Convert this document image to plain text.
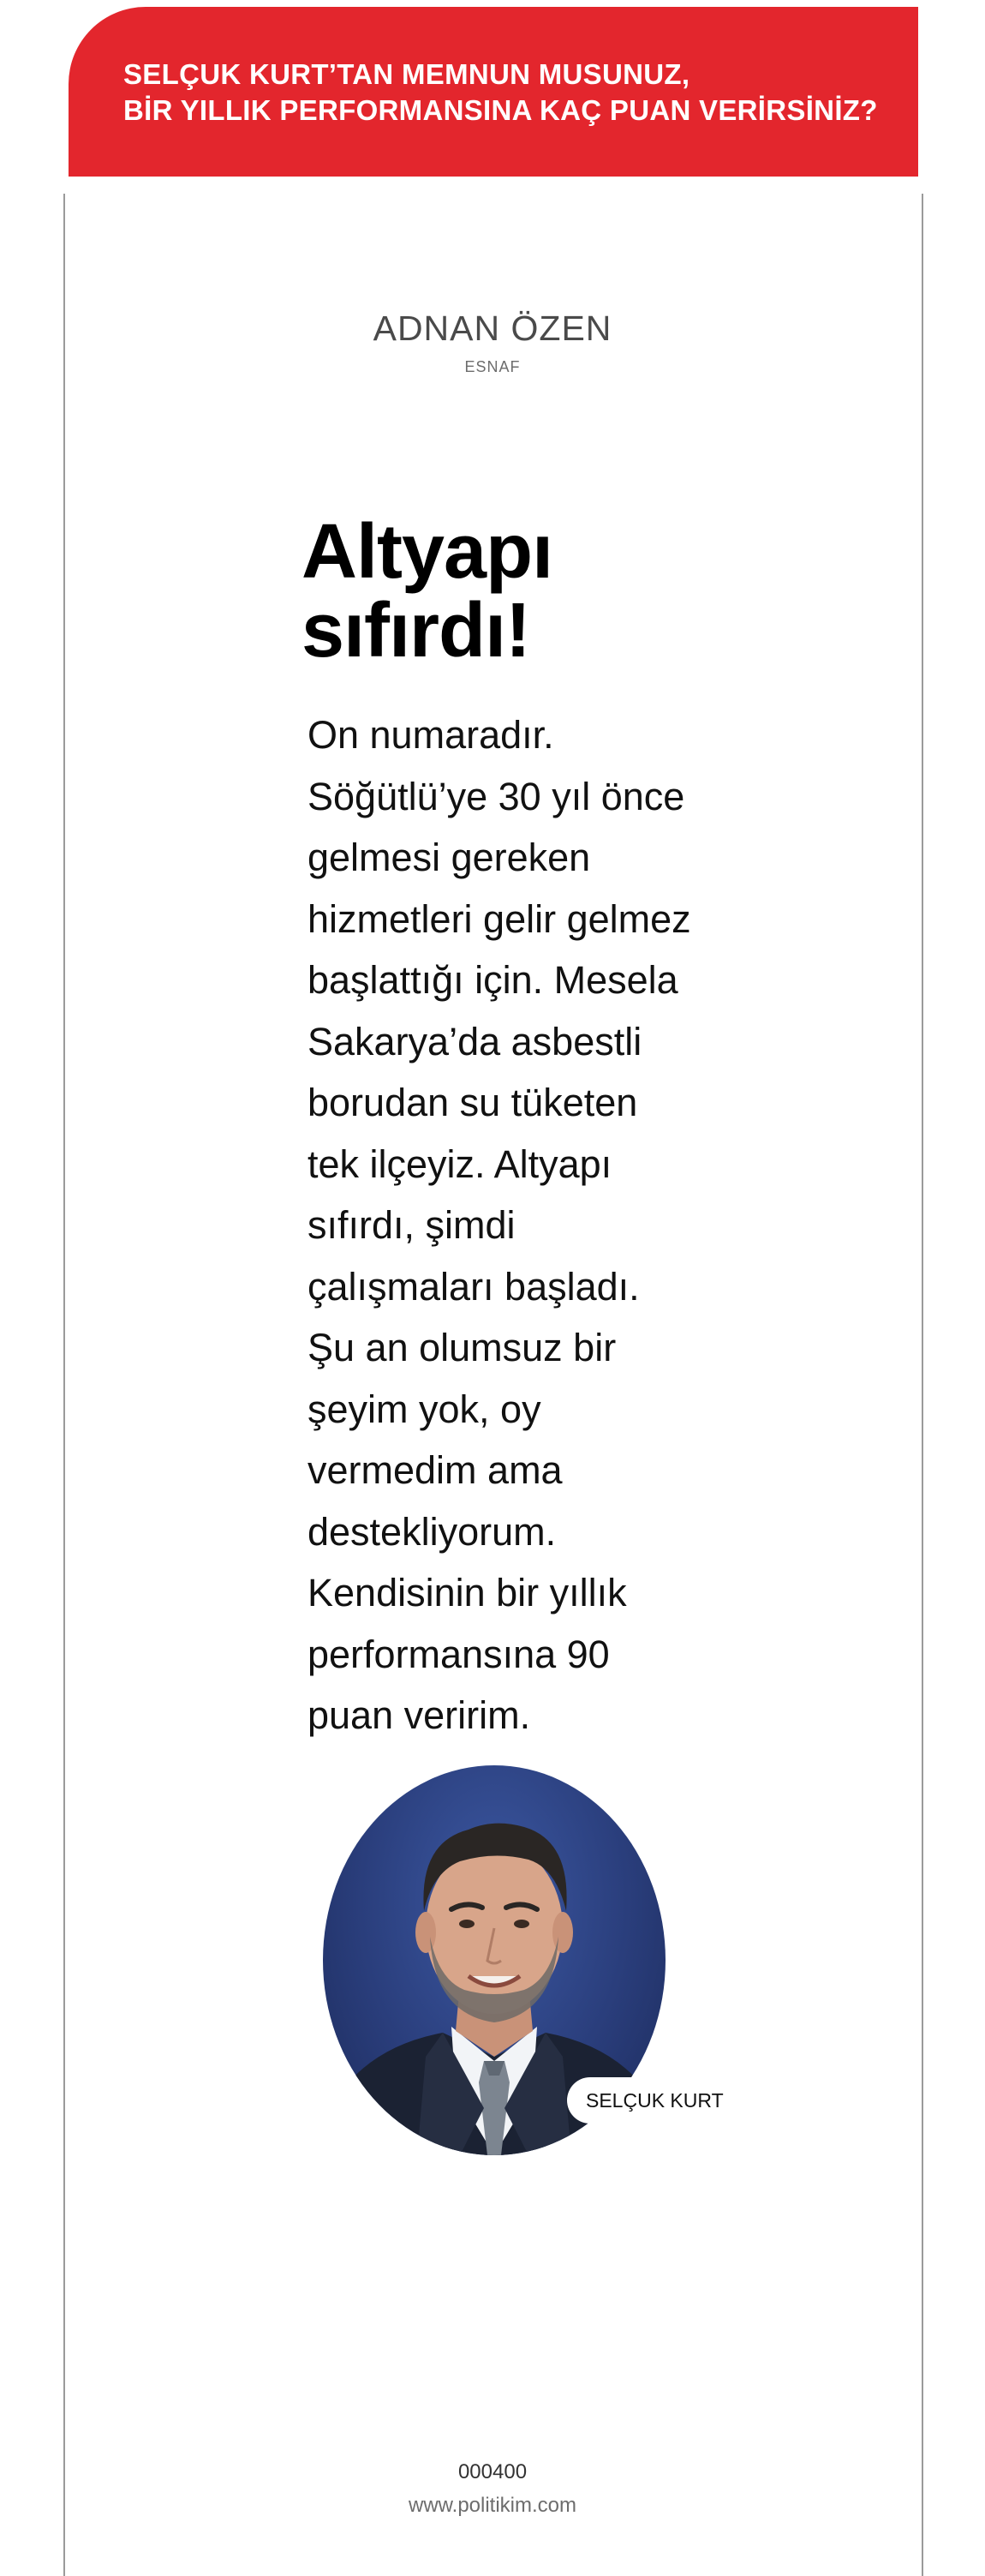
SELÇUK KURT’TAN MEMNUN MUSUNUZ,
BİR YILLIK PERFORMANSINA KAÇ PUAN VERİRSİNİZ?
ADNAN ÖZEN
ESNAF
Altyapı
sıfırdı!
On numaradır.
Söğütlü’ye 30 yıl önce
gelmesi gereken
hizmetleri gelir gelmez
başlattığı için. Mesela
Sakarya’da asbestli
borudan su tüketen
tek ilçeyiz. Altyapı
sıfırdı, şimdi
çalışmaları başladı.
Şu an olumsuz bir
şeyim yok, oy
vermedim ama
destekliyorum.
Kendisinin bir yıllık
performansına 90
puan veririm.
SELÇUK KURT
000400
www.politikim.com
